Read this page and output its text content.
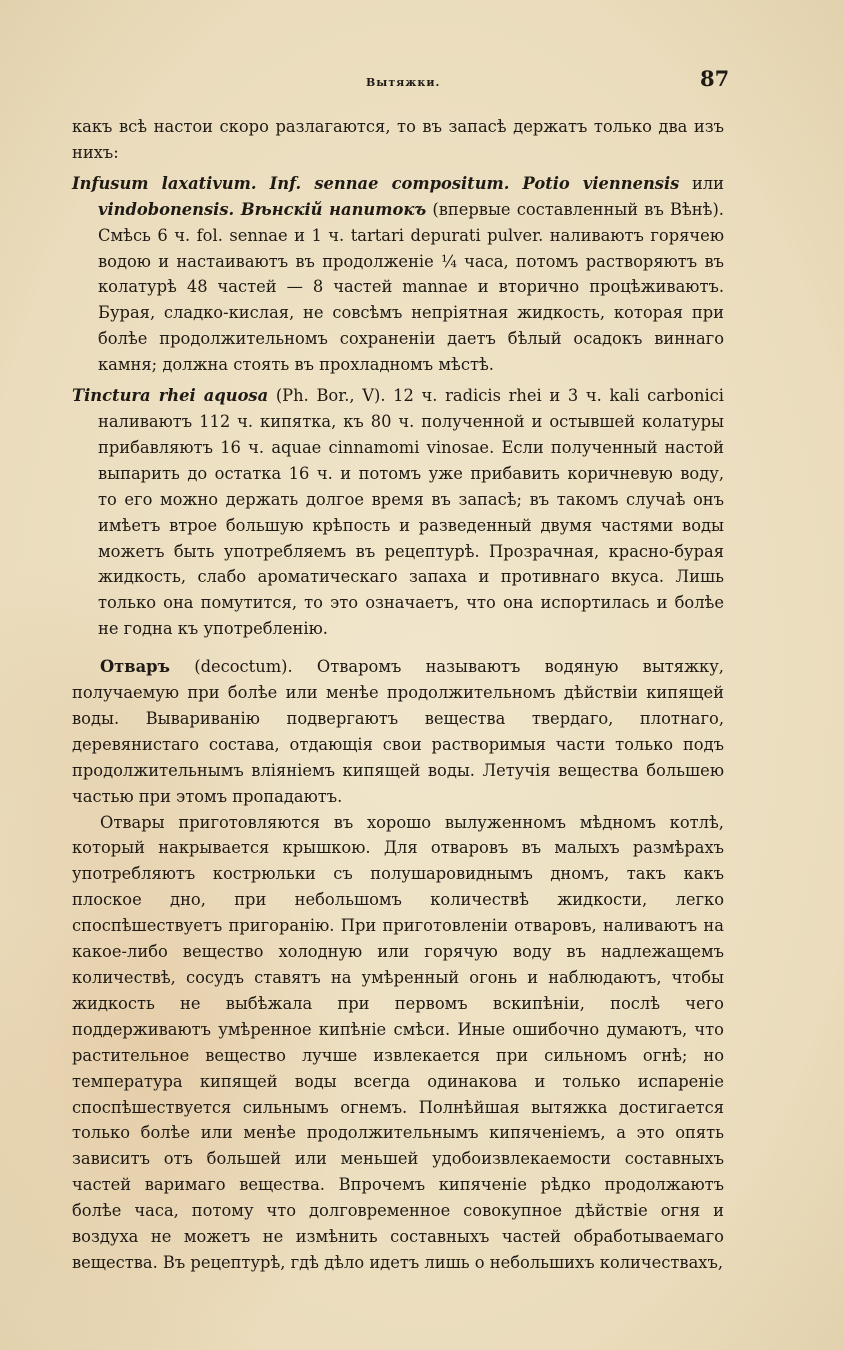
Вытяжки.	87

какъ всѣ настои скоро разлагаются, то въ запасѣ держатъ только два изъ нихъ:

Infusum laxativum. Inf. sennae compositum. Potio viennensis или vindobonensis. Вѣнскій напитокъ (впервые составленный въ Вѣнѣ). Смѣсь 6 ч. fol. sennae и 1 ч. tartari depurati pulver. наливаютъ горячею водою и настаиваютъ въ продолженіе ¼ часа, потомъ растворяютъ въ колатурѣ 48 частей — 8 частей mannae и вторично процѣживаютъ. Бурая, сладко-кислая, не совсѣмъ непріятная жидкость, которая при болѣе продолжительномъ сохраненіи даетъ бѣлый осадокъ виннаго камня; должна стоять въ прохладномъ мѣстѣ.

Tinctura rhei aquosa (Ph. Bor., V). 12 ч. radicis rhei и 3 ч. kali carbonici наливаютъ 112 ч. кипятка, къ 80 ч. полученной и остывшей колатуры прибавляютъ 16 ч. aquae cinnamomi vinosae. Если полученный настой выпарить до остатка 16 ч. и потомъ уже прибавить коричневую воду, то его можно держать долгое время въ запасѣ; въ такомъ случаѣ онъ имѣетъ втрое большую крѣпость и разведенный двумя частями воды можетъ быть употребляемъ въ рецептурѣ. Прозрачная, красно-бурая жидкость, слабо ароматическаго запаха и противнаго вкуса. Лишь только она помутится, то это означаетъ, что она испортилась и болѣе не годна къ употребленію.

Отваръ (decoctum). Отваромъ называютъ водяную вытяжку, получаемую при болѣе или менѣе продолжительномъ дѣйствіи кипящей воды. Вывариванію подвергаютъ вещества твердаго, плотнаго, деревянистаго состава, отдающія свои растворимыя части только подъ продолжительнымъ вліяніемъ кипящей воды. Летучія вещества большею частью при этомъ пропадаютъ.

Отвары приготовляются въ хорошо вылуженномъ мѣдномъ котлѣ, который накрывается крышкою. Для отваровъ въ малыхъ размѣрахъ употребляютъ кострюльки съ полушаровиднымъ дномъ, такъ какъ плоское дно, при небольшомъ количествѣ жидкости, легко споспѣшествуетъ пригоранію. При приготовленіи отваровъ, наливаютъ на какое-либо вещество холодную или горячую воду въ надлежащемъ количествѣ, сосудъ ставятъ на умѣренный огонь и наблюдаютъ, чтобы жидкость не выбѣжала при первомъ вскипѣніи, послѣ чего поддерживаютъ умѣренное кипѣніе смѣси. Иные ошибочно думаютъ, что растительное вещество лучше извлекается при сильномъ огнѣ; но температура кипящей воды всегда одинакова и только испареніе споспѣшествуется сильнымъ огнемъ. Полнѣйшая вытяжка достигается только болѣе или менѣе продолжительнымъ кипяченіемъ, а это опять зависитъ отъ большей или меньшей удобоизвлекаемости составныхъ частей варимаго вещества. Впрочемъ кипяченіе рѣдко продолжаютъ болѣе часа, потому что долговременное совокупное дѣйствіе огня и воздуха не можетъ не измѣнить составныхъ частей обработываемаго вещества. Въ рецептурѣ, гдѣ дѣло идетъ лишь о небольшихъ количествахъ,
